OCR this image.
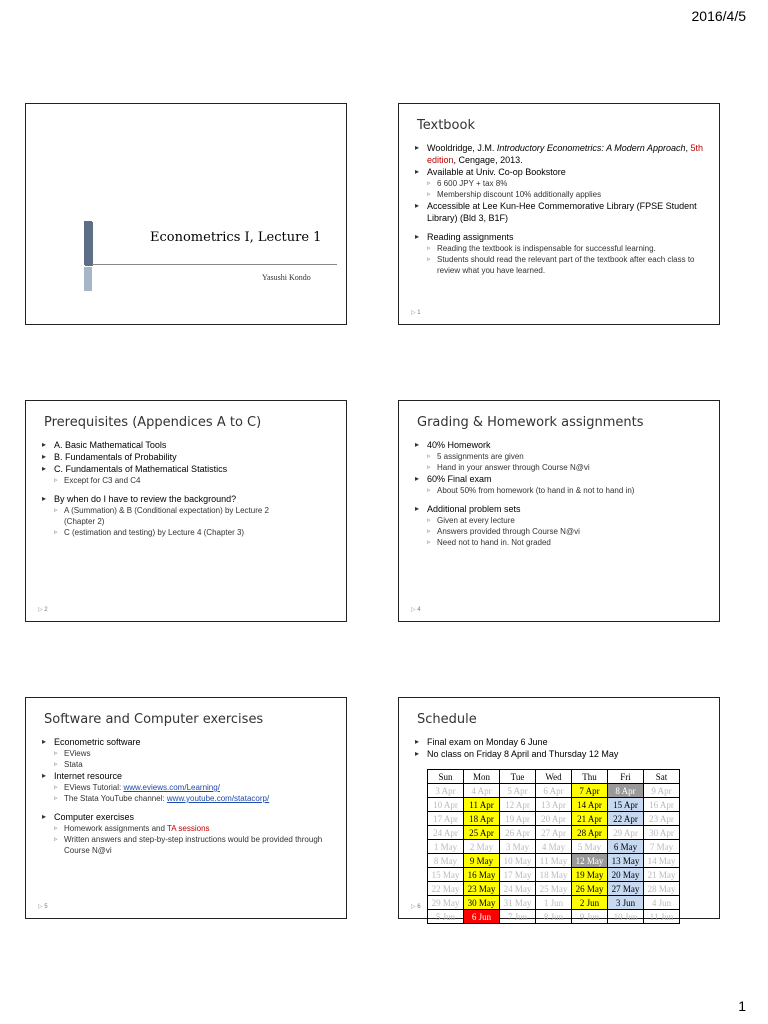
2016/4/5
Econometrics I, Lecture 1
Yasushi Kondo
Textbook
▸ Wooldridge, J.M. Introductory Econometrics: A Modern Approach, 5th edition, Cengage, 2013.
▸ Available at Univ. Co-op Bookstore
▹ 6 600 JPY + tax 8%
▹ Membership discount 10% additionally applies
▸ Accessible at Lee Kun-Hee Commemorative Library (FPSE Student Library) (Bld 3, B1F)
▸ Reading assignments
▹ Reading the textbook is indispensable for successful learning.
▹ Students should read the relevant part of the textbook after each class to review what you have learned.
▷ 1
Prerequisites (Appendices A to C)
▸ A. Basic Mathematical Tools
▸ B. Fundamentals of Probability
▸ C. Fundamentals of Mathematical Statistics
▹ Except for C3 and C4
▸ By when do I have to review the background?
▹ A (Summation) & B (Conditional expectation) by Lecture 2 (Chapter 2)
▹ C (estimation and testing) by Lecture 4 (Chapter 3)
▷ 2
Grading & Homework assignments
▸ 40% Homework
▹ 5 assignments are given
▹ Hand in your answer through Course N@vi
▸ 60% Final exam
▹ About 50% from homework (to hand in & not to hand in)
▸ Additional problem sets
▹ Given at every lecture
▹ Answers provided through Course N@vi
▹ Need not to hand in. Not graded
▷ 4
Software and Computer exercises
▸ Econometric software
▹ EViews
▹ Stata
▸ Internet resource
▹ EViews Tutorial: www.eviews.com/Learning/
▹ The Stata YouTube channel: www.youtube.com/statacorp/
▸ Computer exercises
▹ Homework assignments and TA sessions
▹ Written answers and step-by-step instructions would be provided through Course N@vi
▷ 5
Schedule
▸ Final exam on Monday 6 June
▸ No class on Friday 8 April and Thursday 12 May
▷ 6
Sun	Mon	Tue	Wed	Thu	Fri	Sat
3 Apr	4 Apr	5 Apr	6 Apr	7 Apr	8 Apr	9 Apr
10 Apr	11 Apr	12 Apr	13 Apr	14 Apr	15 Apr	16 Apr
17 Apr	18 Apr	19 Apr	20 Apr	21 Apr	22 Apr	23 Apr
24 Apr	25 Apr	26 Apr	27 Apr	28 Apr	29 Apr	30 Apr
1 May	2 May	3 May	4 May	5 May	6 May	7 May
8 May	9 May	10 May	11 May	12 May	13 May	14 May
15 May	16 May	17 May	18 May	19 May	20 May	21 May
22 May	23 May	24 May	25 May	26 May	27 May	28 May
29 May	30 May	31 May	1 Jun	2 Jun	3 Jun	4 Jun
5 Jun	6 Jun	7 Jun	8 Jun	9 Jun	10 Jun	11 Jun
1
